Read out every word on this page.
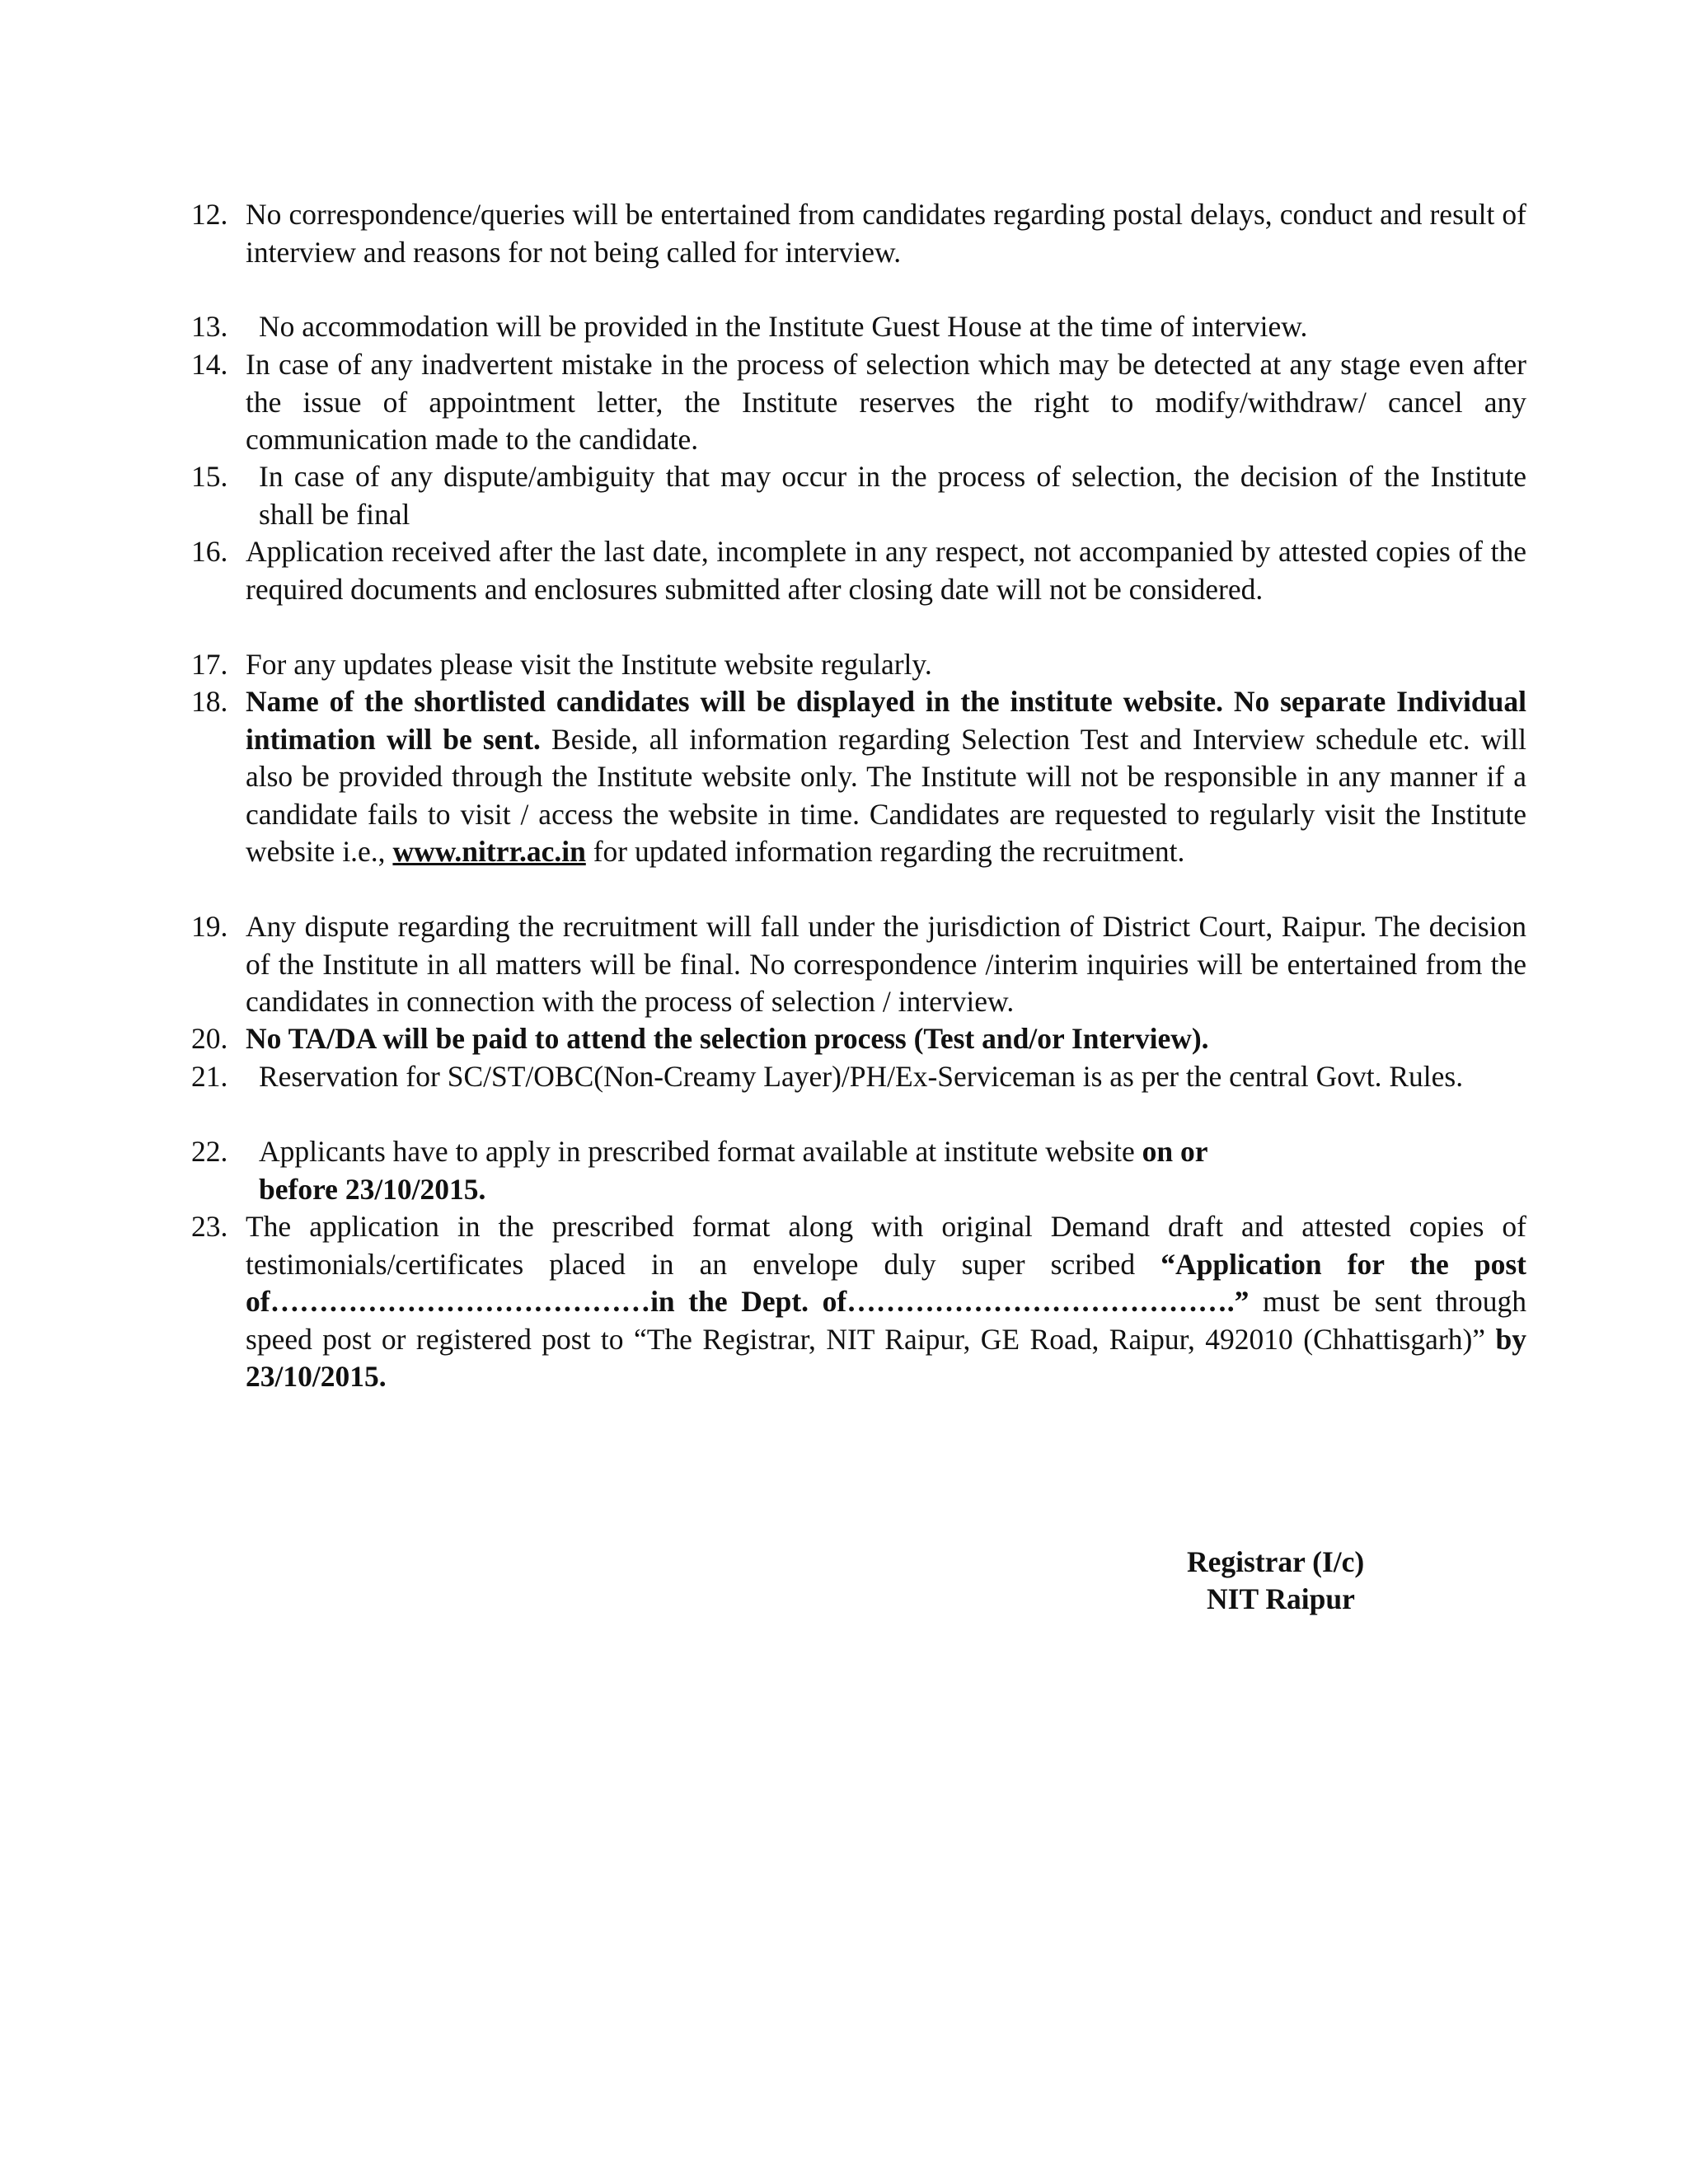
12. No correspondence/queries will be entertained from candidates regarding postal delays, conduct and result of interview and reasons for not being called for interview.
13. No accommodation will be provided in the Institute Guest House at the time of interview.
14. In case of any inadvertent mistake in the process of selection which may be detected at any stage even after the issue of appointment letter, the Institute reserves the right to modify/withdraw/ cancel any communication made to the candidate.
15. In case of any dispute/ambiguity that may occur in the process of selection, the decision of the Institute shall be final
16. Application received after the last date, incomplete in any respect, not accompanied by attested copies of the required documents and enclosures submitted after closing date will not be considered.
17. For any updates please visit the Institute website regularly.
18. Name of the shortlisted candidates will be displayed in the institute website. No separate Individual intimation will be sent. Beside, all information regarding Selection Test and Interview schedule etc. will also be provided through the Institute website only. The Institute will not be responsible in any manner if a candidate fails to visit / access the website in time. Candidates are requested to regularly visit the Institute website i.e., www.nitrr.ac.in for updated information regarding the recruitment.
19. Any dispute regarding the recruitment will fall under the jurisdiction of District Court, Raipur. The decision of the Institute in all matters will be final. No correspondence /interim inquiries will be entertained from the candidates in connection with the process of selection / interview.
20. No TA/DA will be paid to attend the selection process (Test and/or Interview).
21. Reservation for SC/ST/OBC(Non-Creamy Layer)/PH/Ex-Serviceman is as per the central Govt. Rules.
22. Applicants have to apply in prescribed format available at institute website on or
before 23/10/2015.
23. The application in the prescribed format along with original Demand draft and attested copies of testimonials/certificates placed in an envelope duly super scribed “Application for the post of…………………………………in the Dept. of………………………………….” must be sent through speed post or registered post to “The Registrar, NIT Raipur, GE Road, Raipur, 492010 (Chhattisgarh)” by 23/10/2015.
Registrar (I/c)
NIT Raipur
